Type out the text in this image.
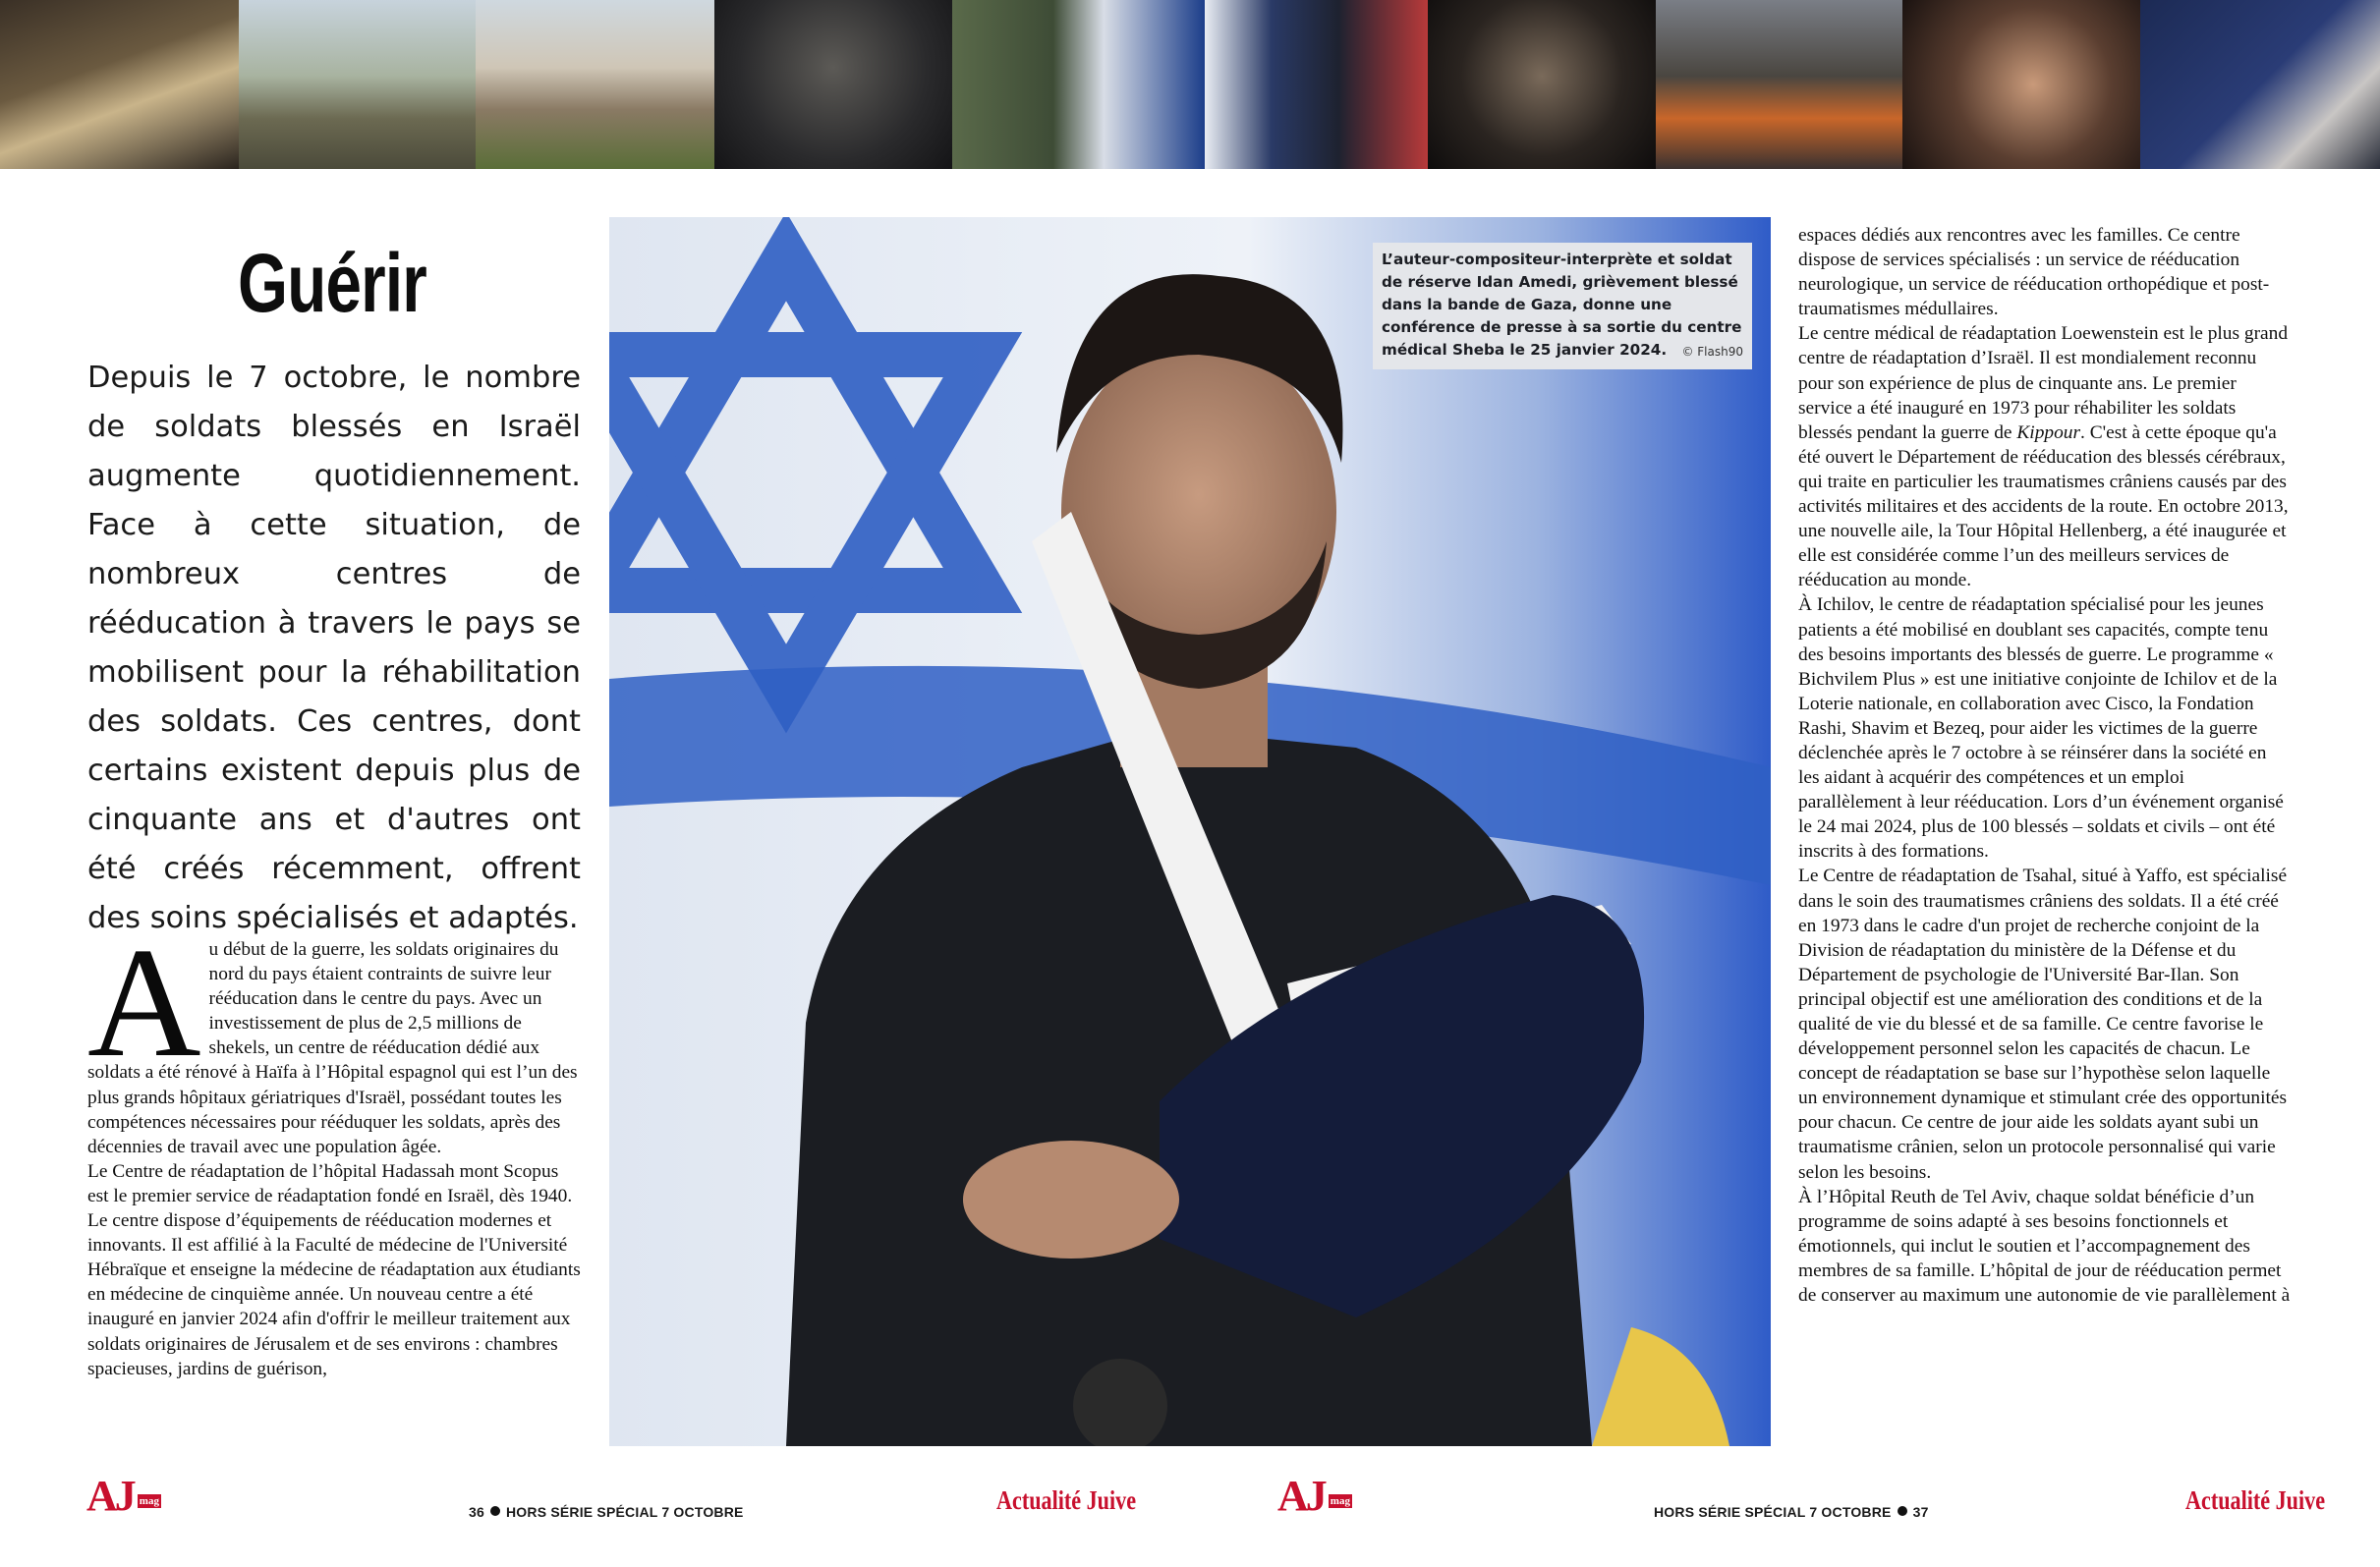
Guérir
Depuis le 7 octobre, le nombre de soldats blessés en Israël augmente quotidiennement. Face à cette situation, de nombreux centres de rééducation à travers le pays se mobilisent pour la réhabilitation des soldats. Ces centres, dont certains existent depuis plus de cinquante ans et d'autres ont été créés récemment, offrent des soins spécialisés et adaptés.
A u début de la guerre, les soldats originaires du nord du pays étaient contraints de suivre leur rééducation dans le centre du pays. Avec un investissement de plus de 2,5 millions de shekels, un centre de rééducation dédié aux soldats a été rénové à Haïfa à l’Hôpital espagnol qui est l’un des plus grands hôpitaux gériatriques d'Israël, possédant toutes les compétences nécessaires pour rééduquer les soldats, après des décennies de travail avec une population âgée.
Le Centre de réadaptation de l’hôpital Hadassah mont Scopus est le premier service de réadaptation fondé en Israël, dès 1940. Le centre dispose d’équipements de rééducation modernes et innovants. Il est affilié à la Faculté de médecine de l'Université Hébraïque et enseigne la médecine de réadaptation aux étudiants en médecine de cinquième année. Un nouveau centre a été inauguré en janvier 2024 afin d'offrir le meilleur traitement aux soldats originaires de Jérusalem et de ses environs : chambres spacieuses, jardins de guérison,
L’auteur-compositeur-interprète et soldat de réserve Idan Amedi, grièvement blessé dans la bande de Gaza, donne une conférence de presse à sa sortie du centre médical Sheba le 25 janvier 2024. © Flash90
espaces dédiés aux rencontres avec les familles. Ce centre dispose de services spécialisés : un service de rééducation neurologique, un service de rééducation orthopédique et post-traumatismes médullaires.
Le centre médical de réadaptation Loewenstein est le plus grand centre de réadaptation d’Israël. Il est mondialement reconnu pour son expérience de plus de cinquante ans. Le premier service a été inauguré en 1973 pour réhabiliter les soldats blessés pendant la guerre de Kippour. C'est à cette époque qu'a été ouvert le Département de rééducation des blessés cérébraux, qui traite en particulier les traumatismes crâniens causés par des activités militaires et des accidents de la route. En octobre 2013, une nouvelle aile, la Tour Hôpital Hellenberg, a été inaugurée et elle est considérée comme l’un des meilleurs services de rééducation au monde.
À Ichilov, le centre de réadaptation spécialisé pour les jeunes patients a été mobilisé en doublant ses capacités, compte tenu des besoins importants des blessés de guerre. Le programme « Bichvilem Plus » est une initiative conjointe de Ichilov et de la Loterie nationale, en collaboration avec Cisco, la Fondation Rashi, Shavim et Bezeq, pour aider les victimes de la guerre déclenchée après le 7 octobre à se réinsérer dans la société en les aidant à acquérir des compétences et un emploi parallèlement à leur rééducation. Lors d’un événement organisé le 24 mai 2024, plus de 100 blessés – soldats et civils – ont été inscrits à des formations.
Le Centre de réadaptation de Tsahal, situé à Yaffo, est spécialisé dans le soin des traumatismes crâniens des soldats. Il a été créé en 1973 dans le cadre d'un projet de recherche conjoint de la Division de réadaptation du ministère de la Défense et du Département de psychologie de l'Université Bar-Ilan. Son principal objectif est une amélioration des conditions et de la qualité de vie du blessé et de sa famille. Ce centre favorise le développement personnel selon les capacités de chacun. Le concept de réadaptation se base sur l’hypothèse selon laquelle un environnement dynamique et stimulant crée des opportunités pour chacun. Ce centre de jour aide les soldats ayant subi un traumatisme crânien, selon un protocole personnalisé qui varie selon les besoins.
À l’Hôpital Reuth de Tel Aviv, chaque soldat bénéficie d’un programme de soins adapté à ses besoins fonctionnels et émotionnels, qui inclut le soutien et l’accompagnement des membres de sa famille. L’hôpital de jour de rééducation permet de conserver au maximum une autonomie de vie parallèlement à
AJ mag
36 HORS SÉRIE SPÉCIAL 7 OCTOBRE	Actualité Juive	AJ mag
HORS SÉRIE SPÉCIAL 7 OCTOBRE 37	Actualité Juive
